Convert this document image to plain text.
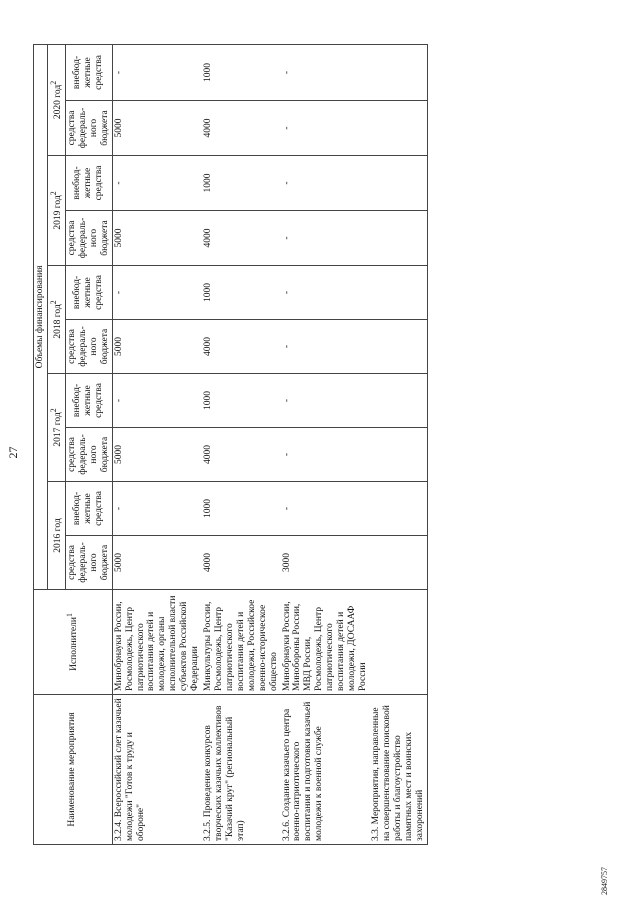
27
Наименование мероприятия	Исполнители$^1$	Объемы финансирования									
		2016 год		2017 год$^2$		2018 год$^2$		2019 год$^2$		2020 год$^2$
		средства федераль-ного бюджета	внебюд-жетные средства	средства федераль-ного бюджета	внебюд-жетные средства	средства федераль-ного бюджета	внебюд-жетные средства	средства федераль-ного бюджета	внебюд-жетные средства	средства федераль-ного бюджета	внебюд-жетные средства
3.2.4. Всероссийский слет казачьей молодежи "Готов к труду и обороне"	Минобрнауки России, Росмолодежь, Центр патриотического воспитания детей и молодежи, органы исполнительной власти субъектов Российской Федерации	5000	-	5000	-	5000	-	5000	-	5000	-
3.2.5. Проведение конкурсов творческих казачьих коллективов "Казачий круг" (региональный этап)	Минкультуры России, Росмолодежь, Центр патриотического воспитания детей и молодежи, Российское военно-историческое общество	4000	1000	4000	1000	4000	1000	4000	1000	4000	1000
3.2.6. Создание казачьего центра военно-патриотического воспитания и подготовки казачьей молодежи к военной службе	Минобрнауки России, Минобороны России, МВД России, Росмолодежь, Центр патриотического воспитания детей и молодежи, ДОСААФ России	3000	-	-	-	-	-	-	-	-	-
3.3. Мероприятия, направленные на совершенствование поисковой работы и благоустройство памятных мест и воинских захоронений											
2849757
